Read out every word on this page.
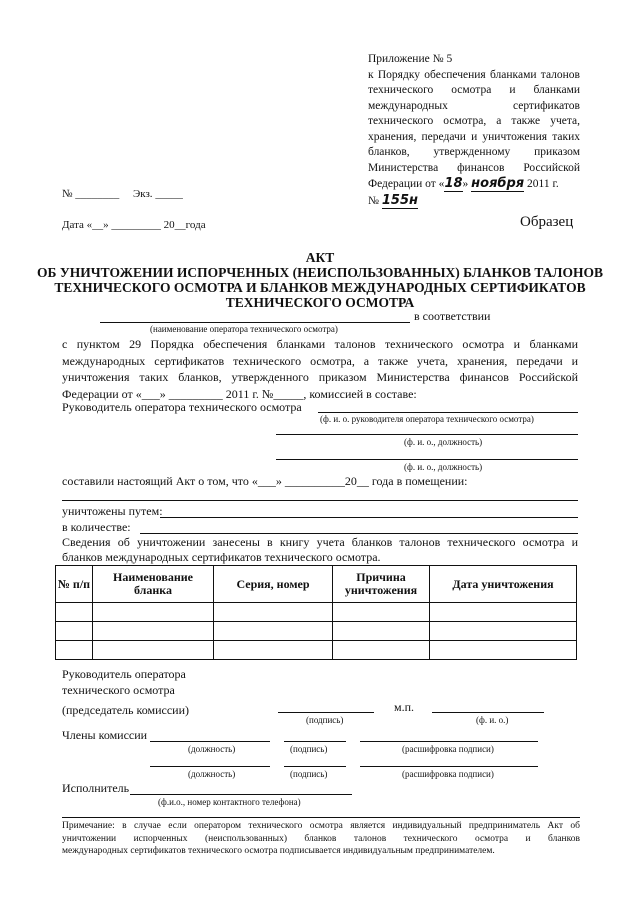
Приложение № 5
к Порядку обеспечения бланками талонов
технического осмотра и бланками
международных сертификатов
технического осмотра, а также учета,
хранения, передачи и уничтожения таких
бланков, утвержденному приказом
Министерства финансов Российской
Федерации от «18» ноября 2011 г.
№ 155н
№ ________     Экз. _____
Дата «__» _________ 20__года	Образец
АКТ
ОБ УНИЧТОЖЕНИИ ИСПОРЧЕННЫХ (НЕИСПОЛЬЗОВАННЫХ) БЛАНКОВ ТАЛОНОВ
ТЕХНИЧЕСКОГО ОСМОТРА И БЛАНКОВ МЕЖДУНАРОДНЫХ СЕРТИФИКАТОВ
ТЕХНИЧЕСКОГО ОСМОТРА
в соответствии
(наименование оператора технического осмотра)
с пунктом 29 Порядка обеспечения бланками талонов технического осмотра и бланками
международных сертификатов технического осмотра, а также учета, хранения, передачи и
уничтожения таких бланков, утвержденного приказом Министерства финансов Российской
Федерации от «___» _________ 2011 г. №_____, комиссией в составе:
Руководитель оператора технического осмотра
(ф. и. о. руководителя оператора технического осмотра)
(ф. и. о., должность)
(ф. и. о., должность)
составили настоящий Акт о том, что «___» __________20__ года в помещении:
уничтожены путем:
в количестве:
Сведения об уничтожении занесены в книгу учета бланков талонов технического осмотра и
бланков международных сертификатов технического осмотра.
№ п/п	Наименование бланка	Серия, номер	Причина уничтожения	Дата уничтожения

Руководитель оператора
технического осмотра
(председатель комиссии)
(подпись)
м.п.
(ф. и. о.)
Члены комиссии
(должность)	(подпись)	(расшифровка подписи)
(должность)	(подпись)	(расшифровка подписи)
Исполнитель
(ф.и.о., номер контактного телефона)
Примечание: в случае если оператором технического осмотра является индивидуальный предприниматель Акт об
уничтожении испорченных (неиспользованных) бланков талонов технического осмотра и бланков
международных сертификатов технического осмотра подписывается индивидуальным предпринимателем.
